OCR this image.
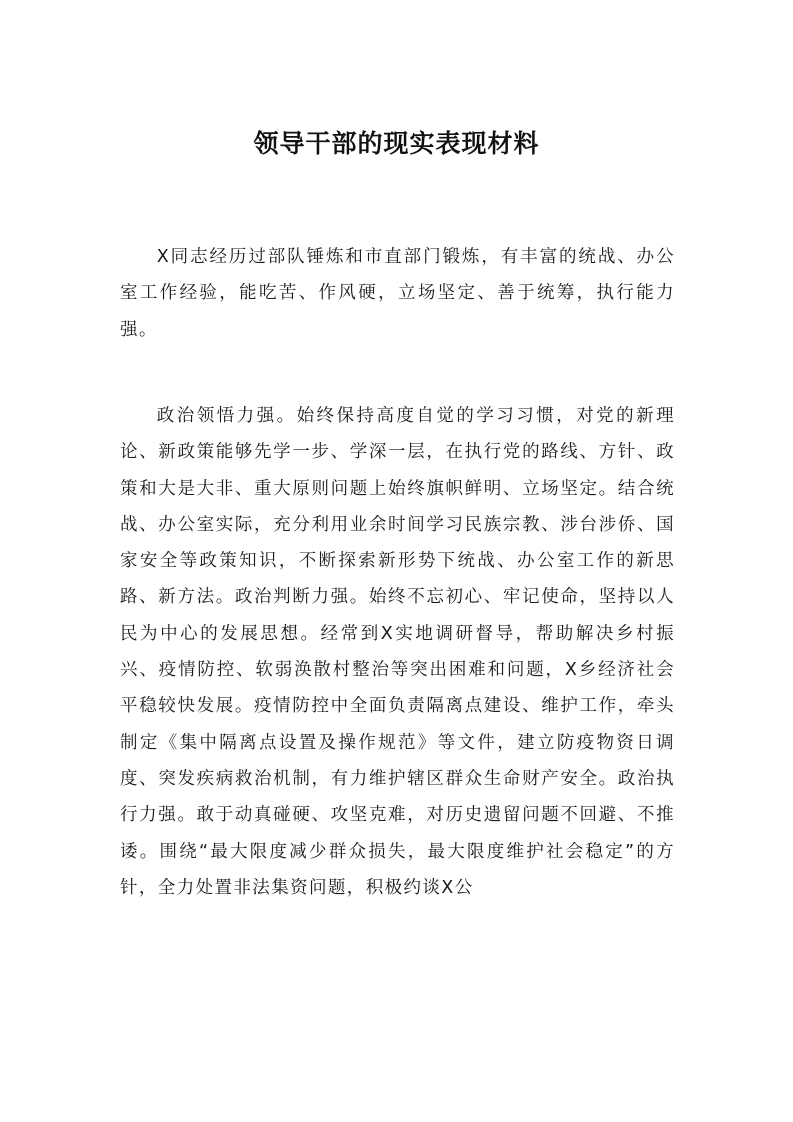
领导干部的现实表现材料

X同志经历过部队锤炼和市直部门锻炼，有丰富的统战、办公室工作经验，能吃苦、作风硬，立场坚定、善于统筹，执行能力强。

政治领悟力强。始终保持高度自觉的学习习惯，对党的新理论、新政策能够先学一步、学深一层，在执行党的路线、方针、政策和大是大非、重大原则问题上始终旗帜鲜明、立场坚定。结合统战、办公室实际，充分利用业余时间学习民族宗教、涉台涉侨、国家安全等政策知识，不断探索新形势下统战、办公室工作的新思路、新方法。政治判断力强。始终不忘初心、牢记使命，坚持以人民为中心的发展思想。经常到X实地调研督导，帮助解决乡村振兴、疫情防控、软弱涣散村整治等突出困难和问题，X乡经济社会平稳较快发展。疫情防控中全面负责隔离点建设、维护工作，牵头制定《集中隔离点设置及操作规范》等文件，建立防疫物资日调度、突发疾病救治机制，有力维护辖区群众生命财产安全。政治执行力强。敢于动真碰硬、攻坚克难，对历史遗留问题不回避、不推诿。围绕“最大限度减少群众损失，最大限度维护社会稳定”的方针，全力处置非法集资问题，积极约谈X公
